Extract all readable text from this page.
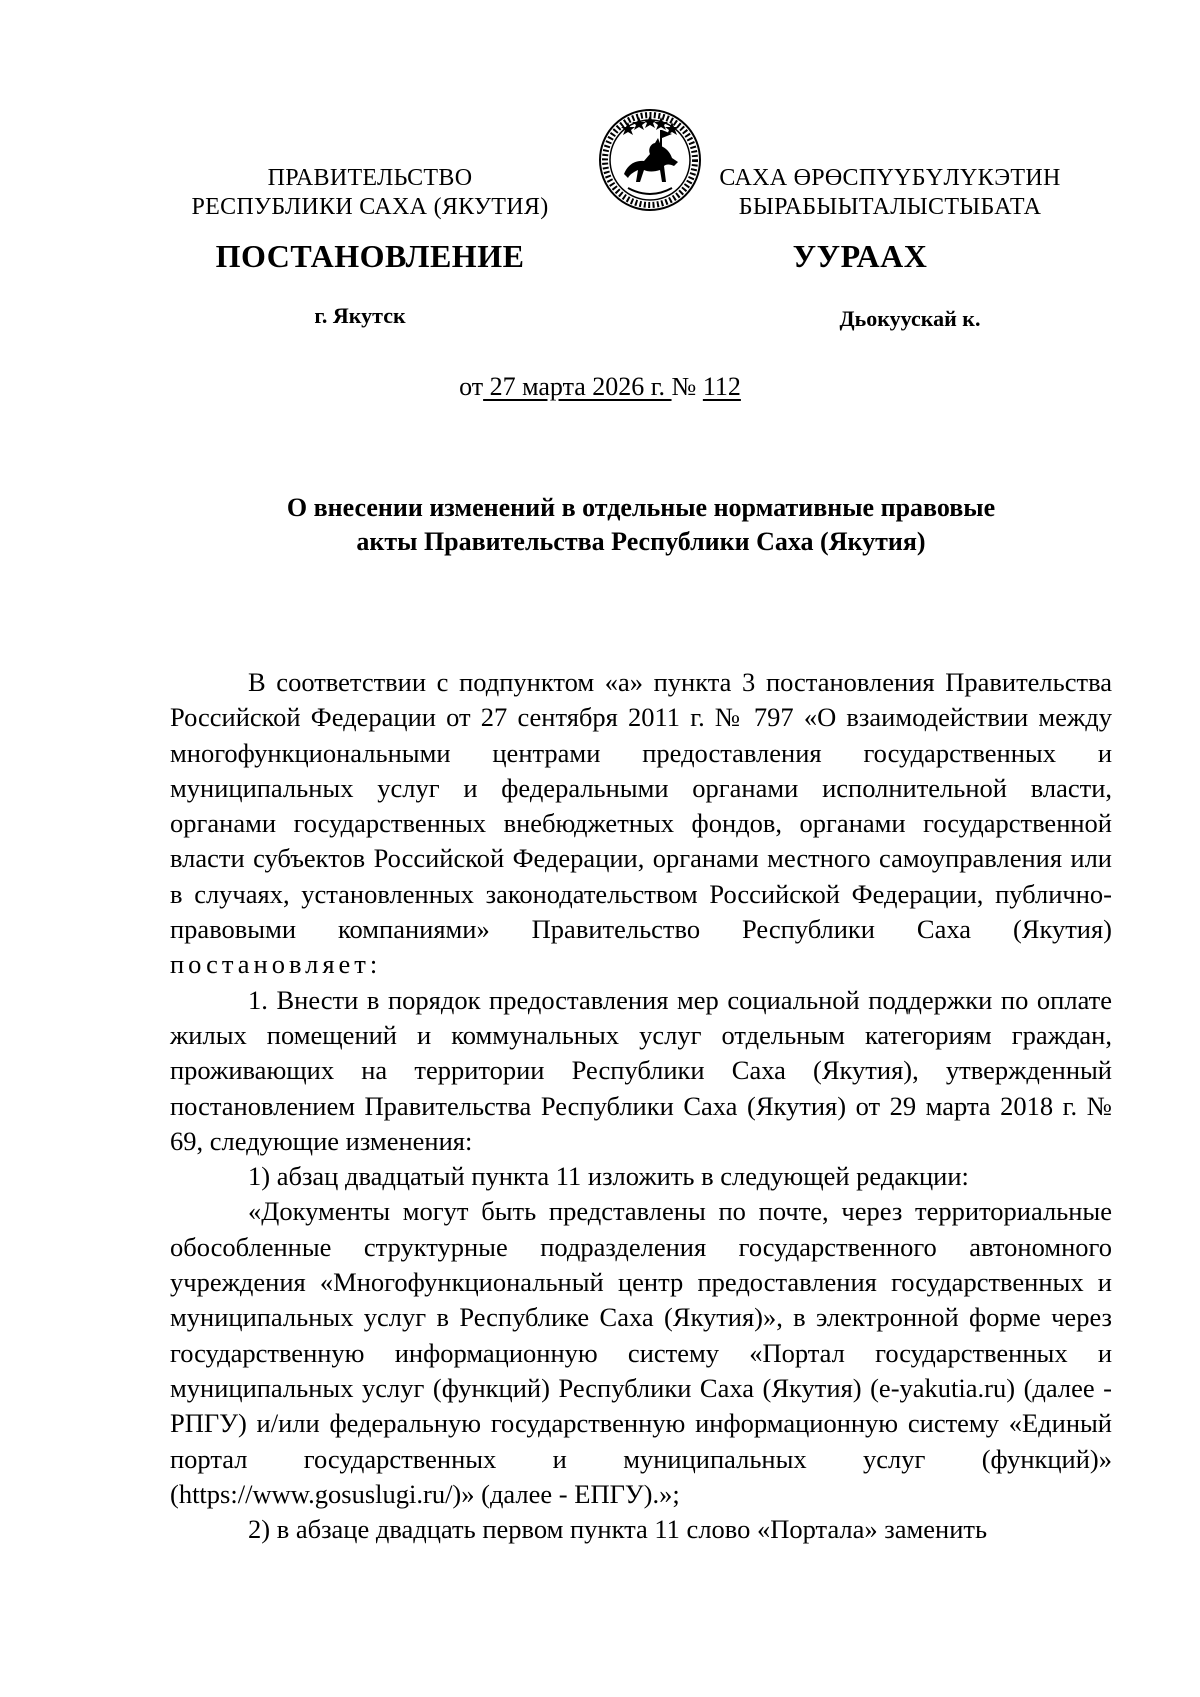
ПРАВИТЕЛЬСТВО
РЕСПУБЛИКИ САХА (ЯКУТИЯ)
САХА ӨРӨСПҮҮБҮЛҮКЭТИН
БЫРАБЫЫТАЛЫСТЫБАТА
ПОСТАНОВЛЕНИЕ	УУРААХ
г. Якутск	Дьокуускай к.
от 27 марта 2026 г. № 112
О внесении изменений в отдельные нормативные правовые
акты Правительства Республики Саха (Якутия)

В соответствии с подпунктом «а» пункта 3 постановления Правительства Российской Федерации от 27 сентября 2011 г. № 797 «О взаимодействии между многофункциональными центрами предоставления государственных и муниципальных услуг и федеральными органами исполнительной власти, органами государственных внебюджетных фондов, органами государственной власти субъектов Российской Федерации, органами местного самоуправления или в случаях, установленных законодательством Российской Федерации, публично-правовыми компаниями» Правительство Республики Саха (Якутия) постановляет:

1. Внести в порядок предоставления мер социальной поддержки по оплате жилых помещений и коммунальных услуг отдельным категориям граждан, проживающих на территории Республики Саха (Якутия), утвержденный постановлением Правительства Республики Саха (Якутия) от 29 марта 2018 г. № 69, следующие изменения:

1) абзац двадцатый пункта 11 изложить в следующей редакции:

«Документы могут быть представлены по почте, через территориальные обособленные структурные подразделения государственного автономного учреждения «Многофункциональный центр предоставления государственных и муниципальных услуг в Республике Саха (Якутия)», в электронной форме через государственную информационную систему «Портал государственных и муниципальных услуг (функций) Республики Саха (Якутия) (e-yakutia.ru) (далее - РПГУ) и/или федеральную государственную информационную систему «Единый портал государственных и муниципальных услуг (функций)» (https://www.gosuslugi.ru/)» (далее - ЕПГУ).»;

2) в абзаце двадцать первом пункта 11 слово «Портала» заменить
